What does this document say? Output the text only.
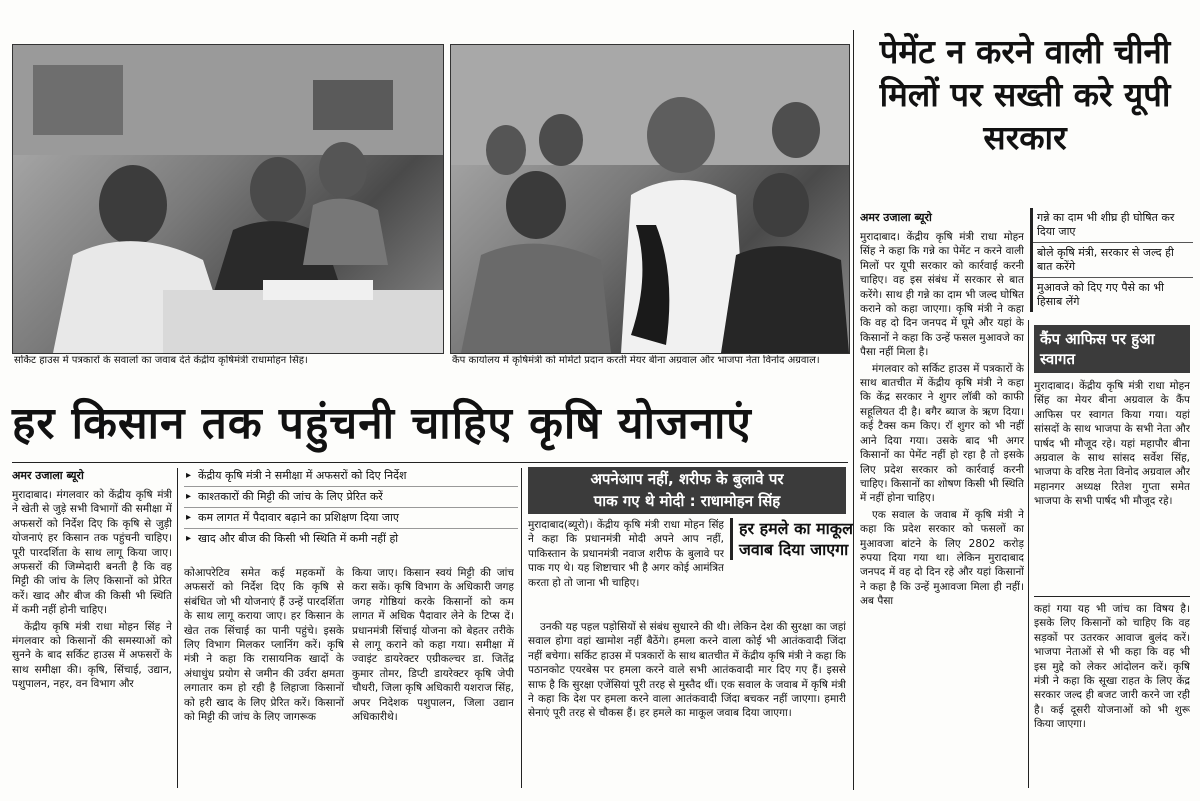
सर्किट हाउस में पत्रकारों के सवालों का जवाब देते केंद्रीय कृषिमंत्री राधामोहन सिंह।	कैंप कार्यालय में कृषिमंत्री को मोमेंटो प्रदान करती मेयर बीना अग्रवाल और भाजपा नेता विनोद अग्रवाल।
हर किसान तक पहुंचनी चाहिए कृषि योजनाएं
अमर उजाला ब्यूरो

मुरादाबाद। मंगलवार को केंद्रीय कृषि मंत्री ने खेती से जुड़े सभी विभागों की समीक्षा में अफसरों को निर्देश दिए कि कृषि से जुड़ी योजनाएं हर किसान तक पहुंचनी चाहिए। पूरी पारदर्शिता के साथ लागू किया जाए। अफसरों की जिम्मेदारी बनती है कि वह मिट्टी की जांच के लिए किसानों को प्रेरित करें। खाद और बीज की किसी भी स्थिति में कमी नहीं होनी चाहिए।

केंद्रीय कृषि मंत्री राधा मोहन सिंह ने मंगलवार को किसानों की समस्याओं को सुनने के बाद सर्किट हाउस में अफसरों के साथ समीक्षा की। कृषि, सिंचाई, उद्यान, पशुपालन, नहर, वन विभाग और

▸ केंद्रीय कृषि मंत्री ने समीक्षा में अफसरों को दिए निर्देश
▸ काश्तकारों की मिट्टी की जांच के लिए प्रेरित करें
▸ कम लागत में पैदावार बढ़ाने का प्रशिक्षण दिया जाए
▸ खाद और बीज की किसी भी स्थिति में कमी नहीं हो

कोआपरेटिव समेत कई महकमों के अफसरों को निर्देश दिए कि कृषि से संबंधित जो भी योजनाएं हैं उन्हें पारदर्शिता के साथ लागू कराया जाए। हर किसान के खेत तक सिंचाई का पानी पहुंचे। इसके लिए विभाग मिलकर प्लानिंग करें। कृषि मंत्री ने कहा कि रासायनिक खादों के अंधाधुंध प्रयोग से जमीन की उर्वरा क्षमता लगातार कम हो रही है लिहाजा किसानों को हरी खाद के लिए प्रेरित करें। किसानों को मिट्टी की जांच के लिए जागरूक

किया जाए। किसान स्वयं मिट्टी की जांच करा सकें। कृषि विभाग के अधिकारी जगह जगह गोष्ठियां करके किसानों को कम लागत में अधिक पैदावार लेने के टिप्स दें। प्रधानमंत्री सिंचाई योजना को बेहतर तरीके से लागू कराने को कहा गया। समीक्षा में ज्वाइंट डायरेक्टर एग्रीकल्चर डा. जितेंद्र कुमार तोमर, डिप्टी डायरेक्टर कृषि जेपी चौधरी, जिला कृषि अधिकारी यशराज सिंह, अपर निदेशक पशुपालन, जिला उद्यान अधिकारीथे।

अपनेआप नहीं, शरीफ के बुलावे पर
पाक गए थे मोदी : राधामोहन सिंह

मुरादाबाद(ब्यूरो)। केंद्रीय कृषि मंत्री राधा मोहन सिंह ने कहा कि प्रधानमंत्री मोदी अपने आप नहीं, पाकिस्तान के प्रधानमंत्री नवाज शरीफ के बुलावे पर पाक गए थे। यह शिष्टाचार भी है अगर कोई आमंत्रित करता हो तो जाना भी चाहिए।

हर हमले का माकूल जवाब दिया जाएगा

उनकी यह पहल पड़ोसियों से संबंध सुधारने की थी। लेकिन देश की सुरक्षा का जहां सवाल होगा वहां खामोश नहीं बैठेंगे। हमला करने वाला कोई भी आतंकवादी जिंदा नहीं बचेगा। सर्किट हाउस में पत्रकारों के साथ बातचीत में केंद्रीय कृषि मंत्री ने कहा कि पठानकोट एयरबेस पर हमला करने वाले सभी आतंकवादी मार दिए गए हैं। इससे साफ है कि सुरक्षा एजेंसियां पूरी तरह से मुस्तैद थीं। एक सवाल के जवाब में कृषि मंत्री ने कहा कि देश पर हमला करने वाला आतंकवादी जिंदा बचकर नहीं जाएगा। हमारी सेनाएं पूरी तरह से चौकस हैं। हर हमले का माकूल जवाब दिया जाएगा।

पेमेंट न करने वाली चीनी मिलों पर सख्ती करे यूपी सरकार
अमर उजाला ब्यूरो	गन्ने का दाम भी शीघ्र ही घोषित कर दिया जाए
बोले कृषि मंत्री, सरकार से जल्द ही बात करेंगे
मुआवजे को दिए गए पैसे का भी हिसाब लेंगे

मुरादाबाद। केंद्रीय कृषि मंत्री राधा मोहन सिंह ने कहा कि गन्ने का पेमेंट न करने वाली मिलों पर यूपी सरकार को कार्रवाई करनी चाहिए। वह इस संबंध में सरकार से बात करेंगे। साथ ही गन्ने का दाम भी जल्द घोषित कराने को कहा जाएगा। कृषि मंत्री ने कहा कि वह दो दिन जनपद में घूमे और यहां के किसानों ने कहा कि उन्हें फसल मुआवजे का पैसा नहीं मिला है।

मंगलवार को सर्किट हाउस में पत्रकारों के साथ बातचीत में केंद्रीय कृषि मंत्री ने कहा कि केंद्र सरकार ने शुगर लॉबी को काफी सहूलियत दी है। बगैर ब्याज के ऋण दिया। कई टैक्स कम किए। रॉ शुगर को भी नहीं आने दिया गया। उसके बाद भी अगर किसानों का पेमेंट नहीं हो रहा है तो इसके लिए प्रदेश सरकार को कार्रवाई करनी चाहिए। किसानों का शोषण किसी भी स्थिति में नहीं होना चाहिए।

एक सवाल के जवाब में कृषि मंत्री ने कहा कि प्रदेश सरकार को फसलों का मुआवजा बांटने के लिए 2802 करोड़ रुपया दिया गया था। लेकिन मुरादाबाद जनपद में वह दो दिन रहे और यहां किसानों ने कहा है कि उन्हें मुआवजा मिला ही नहीं। अब पैसा

कैंप आफिस पर हुआ स्वागत

मुरादाबाद। केंद्रीय कृषि मंत्री राधा मोहन सिंह का मेयर बीना अग्रवाल के कैंप आफिस पर स्वागत किया गया। यहां सांसदों के साथ भाजपा के सभी नेता और पार्षद भी मौजूद रहे। यहां महापौर बीना अग्रवाल के साथ सांसद सर्वेश सिंह, भाजपा के वरिष्ठ नेता विनोद अग्रवाल और महानगर अध्यक्ष रितेश गुप्ता समेत भाजपा के सभी पार्षद भी मौजूद रहे।

कहां गया यह भी जांच का विषय है। इसके लिए किसानों को चाहिए कि वह सड़कों पर उतरकर आवाज बुलंद करें। भाजपा नेताओं से भी कहा कि वह भी इस मुद्दे को लेकर आंदोलन करें। कृषि मंत्री ने कहा कि सूखा राहत के लिए केंद्र सरकार जल्द ही बजट जारी करने जा रही है। कई दूसरी योजनाओं को भी शुरू किया जाएगा।
